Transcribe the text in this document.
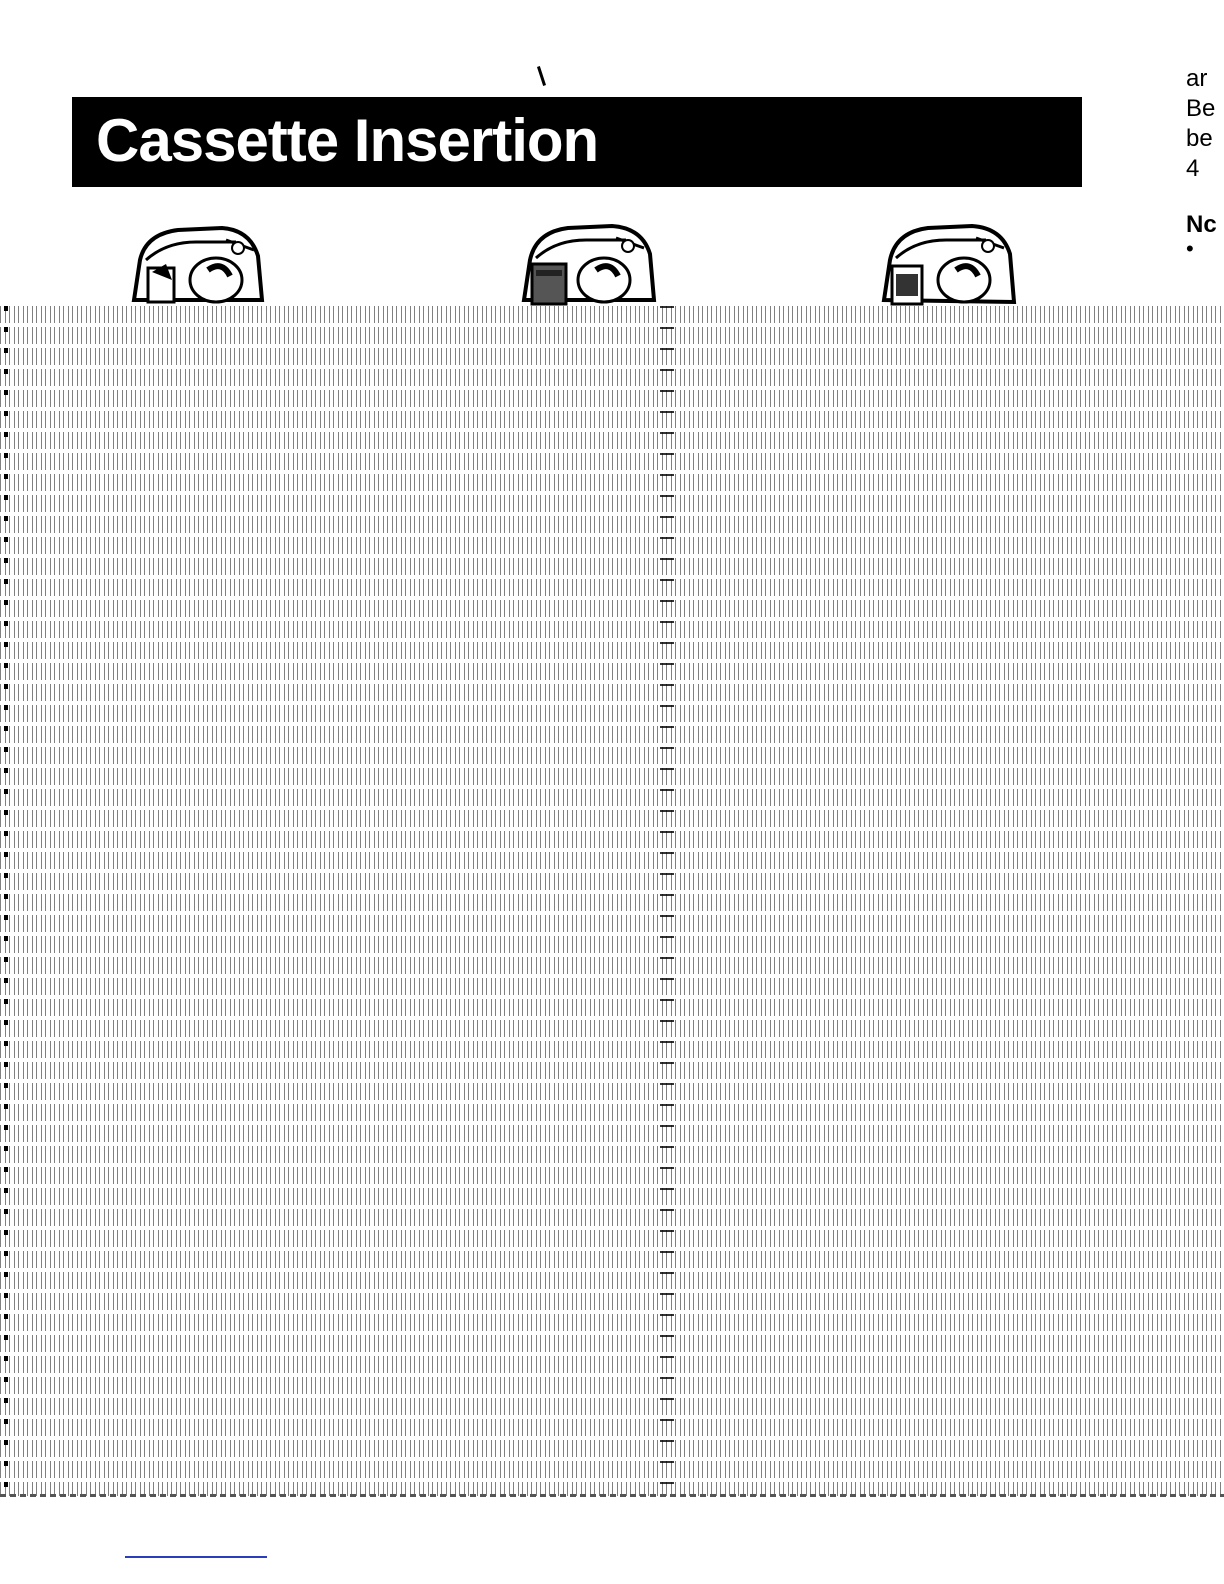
Cassette Insertion
ar
Be
be
4
Nc
•
